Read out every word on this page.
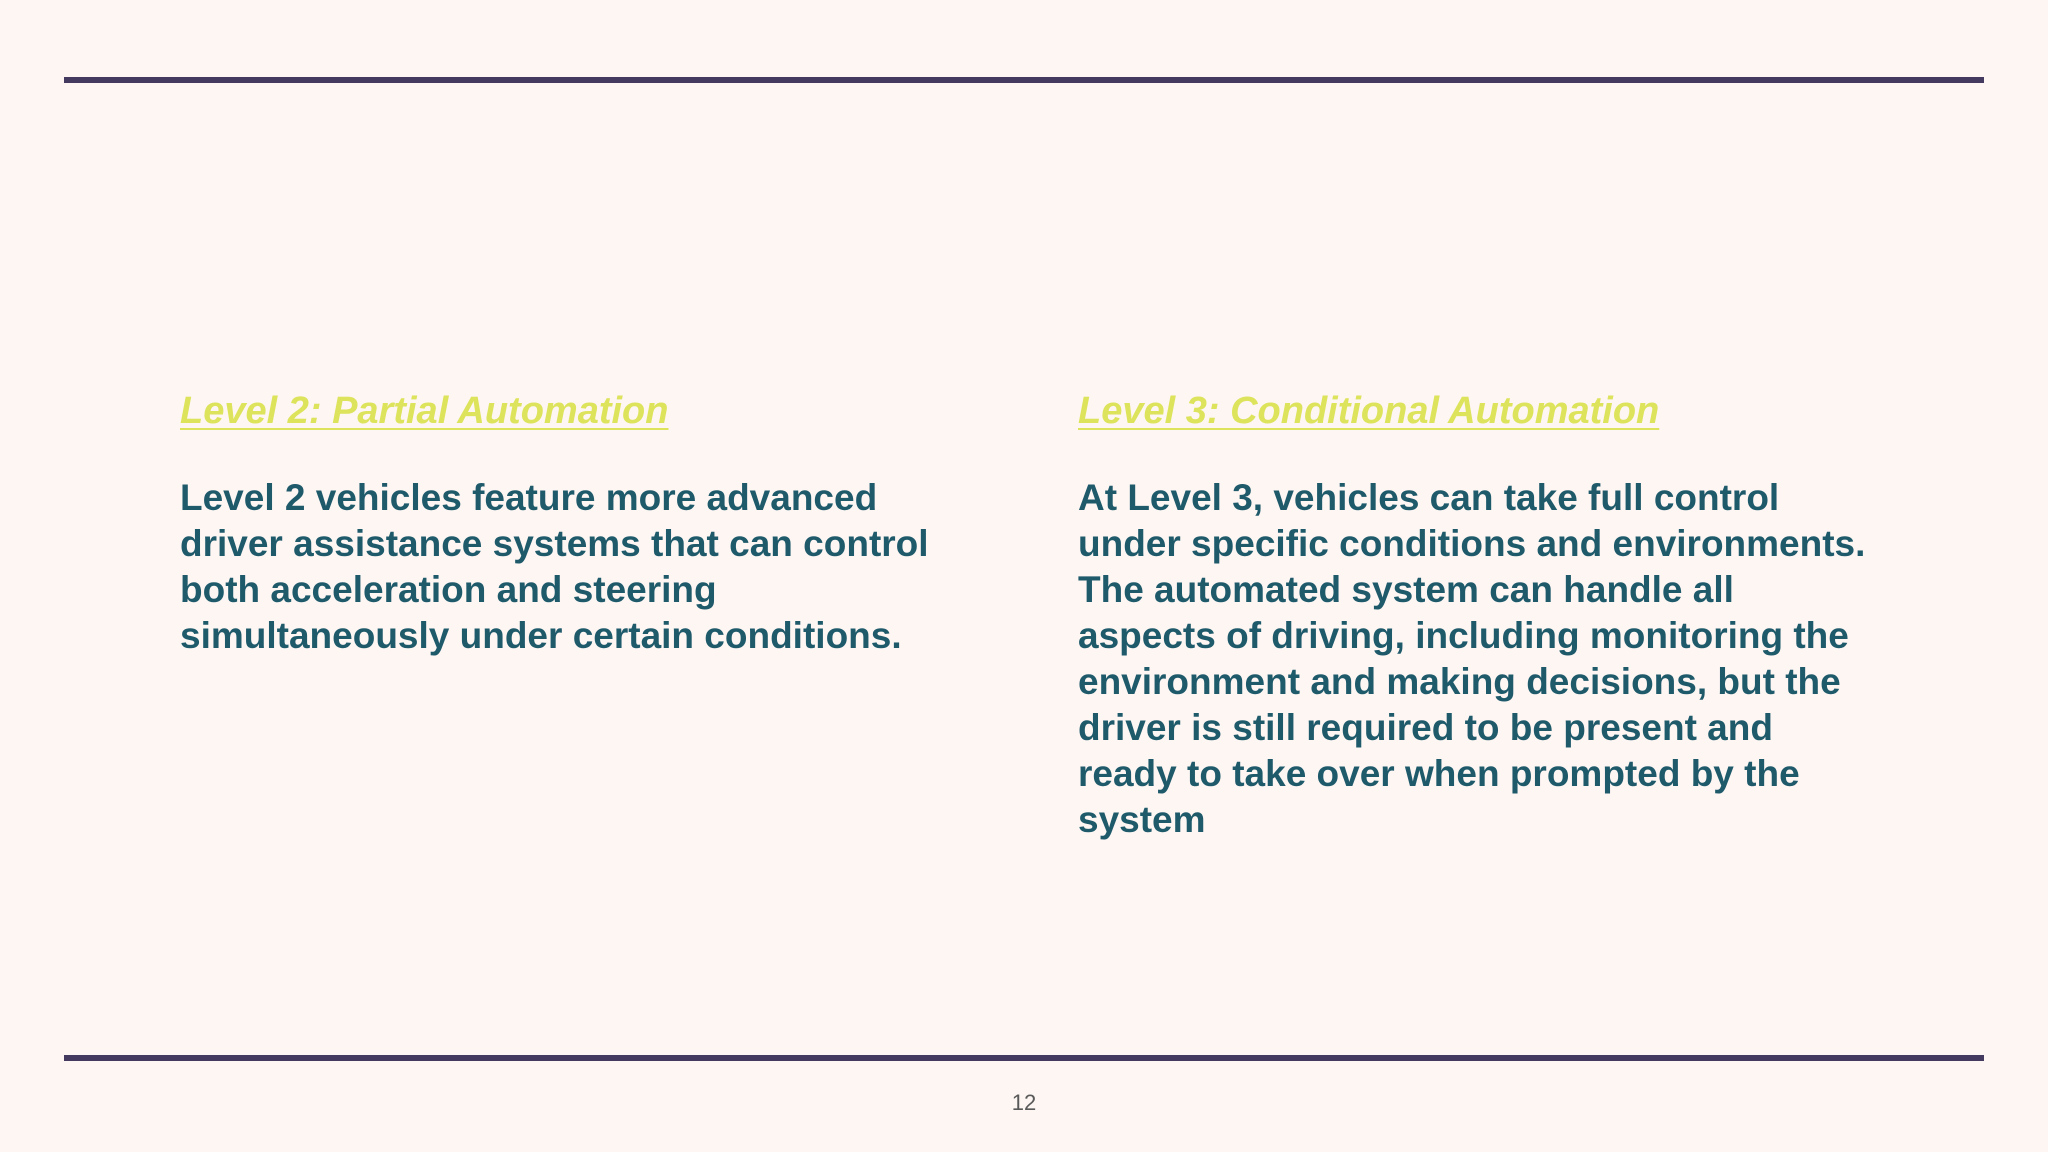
Level 2: Partial Automation

Level 2 vehicles feature more advanced driver assistance systems that can control both acceleration and steering simultaneously under certain conditions.

Level 3: Conditional Automation

At Level 3, vehicles can take full control under specific conditions and environments. The automated system can handle all aspects of driving, including monitoring the environment and making decisions, but the driver is still required to be present and ready to take over when prompted by the system

12
